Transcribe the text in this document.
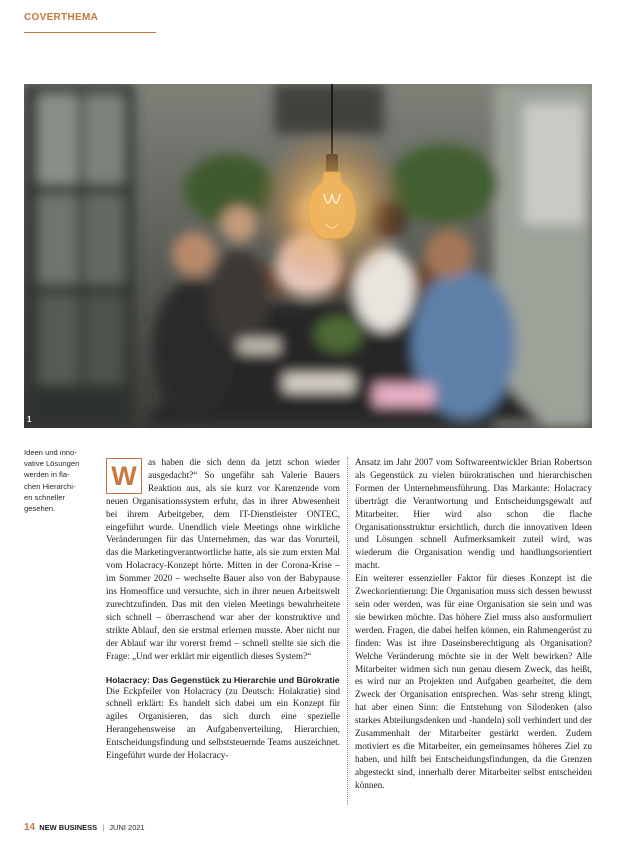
COVERTHEMA
1
Ideen und inno-
vative Lösungen
werden in fla-
chen Hierarchi-
en schneller
gesehen.

W	as haben die sich denn da jetzt schon wieder ausgedacht?“ So ungefähr sah Valerie Bauers Reaktion aus, als sie kurz vor Karenzende vom neuen Organisationssystem erfuhr, das in ihrer Abwesenheit bei ihrem Arbeitgeber, dem IT-Dienstleister ONTEC, eingeführt wurde. Unendlich viele Meetings ohne wirkliche Veränderungen für das Unternehmen, das war das Vorurteil, das die Marketingverantwortliche hatte, als sie zum ersten Mal vom Holacracy-Konzept hörte. Mitten in der Corona-Krise – im Sommer 2020 – wechselte Bauer also von der Babypause ins Homeoffice und versuchte, sich in ihrer neuen Arbeitswelt zurechtzufinden. Das mit den vielen Meetings bewahrheitete sich schnell – überraschend war aber der konstruktive und strikte Ablauf, den sie erstmal erlernen musste. Aber nicht nur der Ablauf war ihr vorerst fremd – schnell stellte sie sich die Frage: „Und wer erklärt mir eigentlich dieses System?“

Holacracy: Das Gegenstück zu Hierarchie und Bürokratie

Die Eckpfeiler von Holacracy (zu Deutsch: Holakratie) sind schnell erklärt: Es handelt sich dabei um ein Konzept für agiles Organisieren, das sich durch eine spezielle Herangehensweise an Aufgabenverteilung, Hierarchien, Entscheidungsfindung und selbststeuernde Teams auszeichnet. Eingeführt wurde der Holacracy-

Ansatz im Jahr 2007 vom Softwareentwickler Brian Robertson als Gegenstück zu vielen bürokratischen und hierarchischen Formen der Unternehmensführung. Das Markante: Holacracy überträgt die Verantwortung und Entscheidungsgewalt auf Mitarbeiter. Hier wird also schon die flache Organisationsstruktur ersichtlich, durch die innovativen Ideen und Lösungen schnell Aufmerksamkeit zuteil wird, was wiederum die Organisation wendig und handlungsorientiert macht.

Ein weiterer essenzieller Faktor für dieses Konzept ist die Zweckorientierung: Die Organisation muss sich dessen bewusst sein oder werden, was für eine Organisation sie sein und was sie bewirken möchte. Das höhere Ziel muss also ausformuliert werden. Fragen, die dabei helfen können, ein Rahmengerüst zu finden: Was ist ihre Daseinsberechtigung als Organisation? Welche Veränderung möchte sie in der Welt bewirken? Alle Mitarbeiter widmen sich nun genau diesem Zweck, das heißt, es wird nur an Projekten und Aufgaben gearbeitet, die dem Zweck der Organisation entsprechen. Was sehr streng klingt, hat aber einen Sinn: die Entstehung von Silodenken (also starkes Abteilungsdenken und -handeln) soll verhindert und der Zusammenhalt der Mitarbeiter gestärkt werden. Zudem motiviert es die Mitarbeiter, ein gemeinsames höheres Ziel zu haben, und hilft bei Entscheidungsfindungen, da die Grenzen abgesteckt sind, innerhalb derer Mitarbeiter selbst entscheiden können.

14 NEW BUSINESS | JUNI 2021
